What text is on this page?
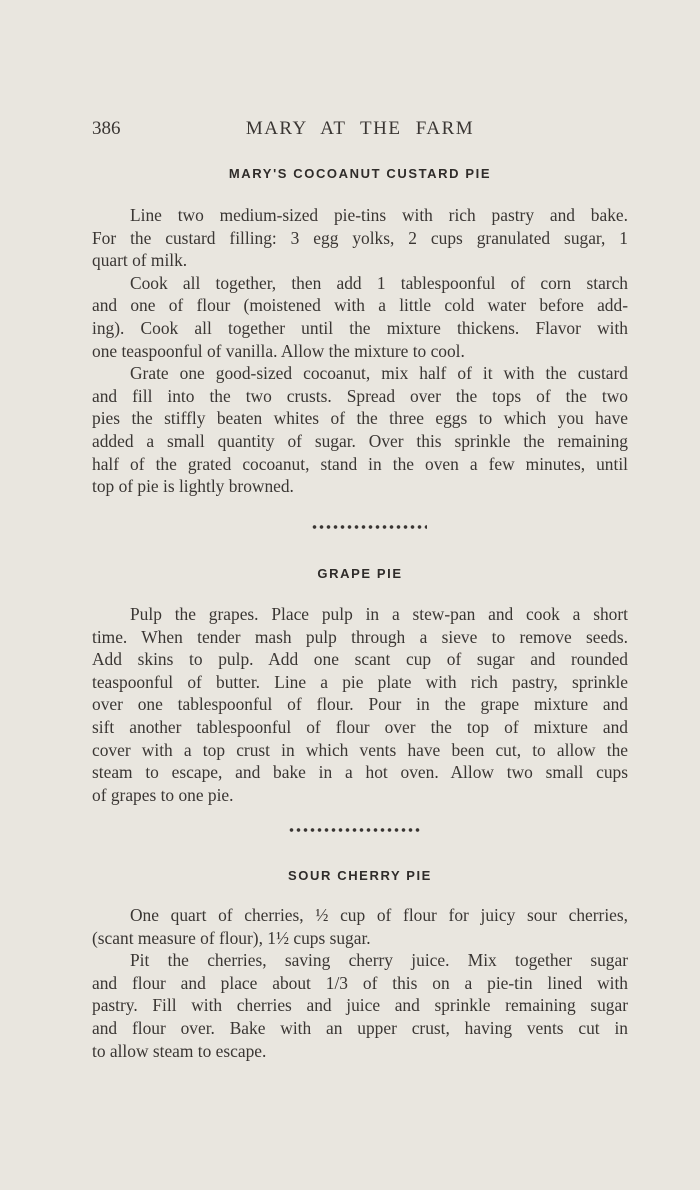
386	MARY AT THE FARM
MARY'S COCOANUT CUSTARD PIE
Line two medium-sized pie-tins with rich pastry and bake.
For the custard filling: 3 egg yolks, 2 cups granulated sugar, 1
quart of milk.
Cook all together, then add 1 tablespoonful of corn starch
and one of flour (moistened with a little cold water before add-
ing). Cook all together until the mixture thickens. Flavor with
one teaspoonful of vanilla. Allow the mixture to cool.
Grate one good-sized cocoanut, mix half of it with the custard
and fill into the two crusts. Spread over the tops of the two
pies the stiffly beaten whites of the three eggs to which you have
added a small quantity of sugar. Over this sprinkle the remaining
half of the grated cocoanut, stand in the oven a few minutes, until
top of pie is lightly browned.
GRAPE PIE
Pulp the grapes. Place pulp in a stew-pan and cook a short
time. When tender mash pulp through a sieve to remove seeds.
Add skins to pulp. Add one scant cup of sugar and rounded
teaspoonful of butter. Line a pie plate with rich pastry, sprinkle
over one tablespoonful of flour. Pour in the grape mixture and
sift another tablespoonful of flour over the top of mixture and
cover with a top crust in which vents have been cut, to allow the
steam to escape, and bake in a hot oven. Allow two small cups
of grapes to one pie.
SOUR CHERRY PIE
One quart of cherries, ½ cup of flour for juicy sour cherries,
(scant measure of flour), 1½ cups sugar.
Pit the cherries, saving cherry juice. Mix together sugar
and flour and place about 1/3 of this on a pie-tin lined with
pastry. Fill with cherries and juice and sprinkle remaining sugar
and flour over. Bake with an upper crust, having vents cut in
to allow steam to escape.
